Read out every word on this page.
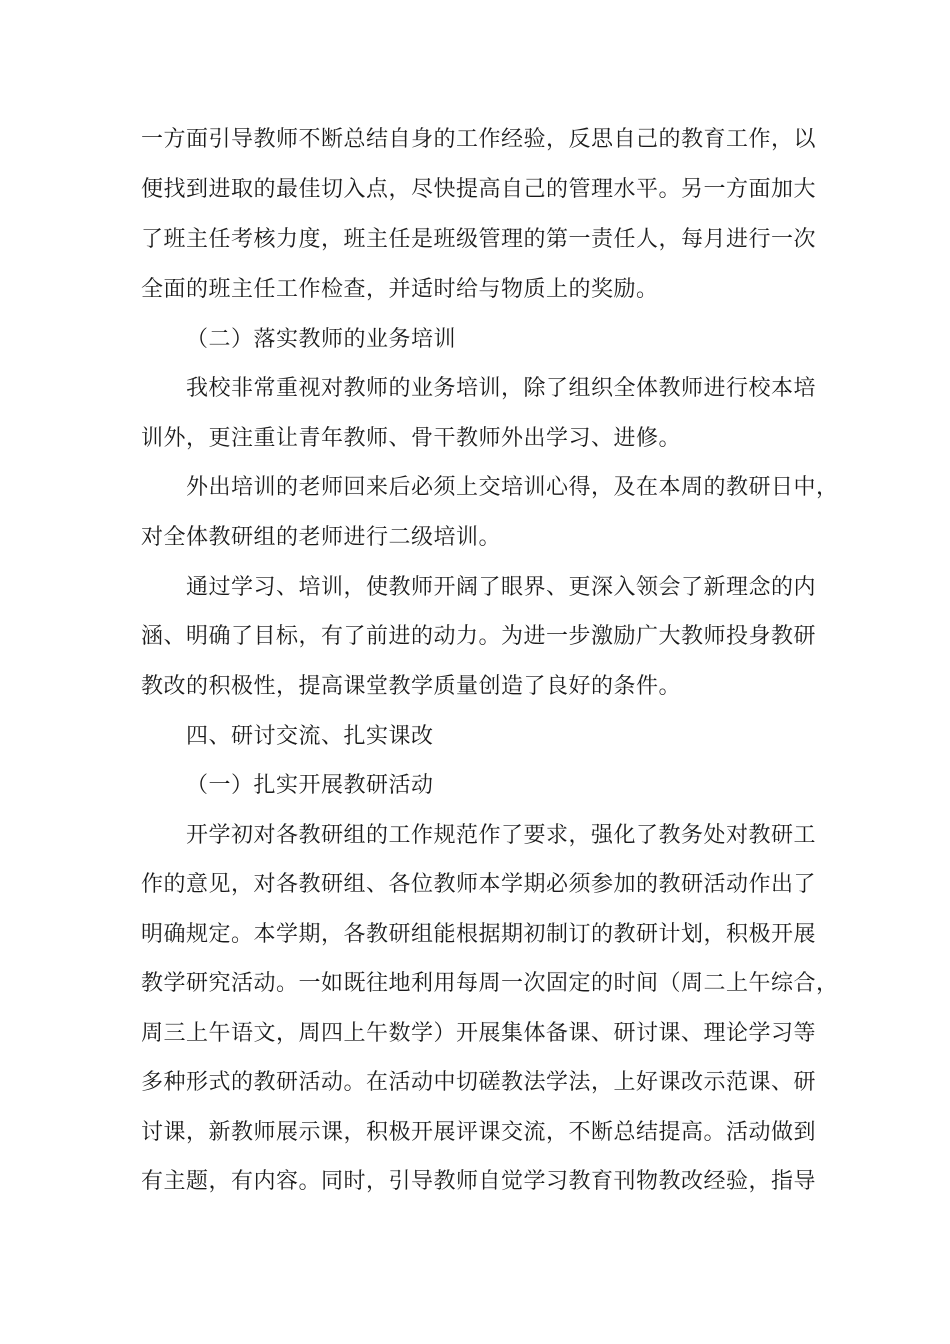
一方面引导教师不断总结自身的工作经验，反思自己的教育工作，以
便找到进取的最佳切入点，尽快提高自己的管理水平。另一方面加大
了班主任考核力度，班主任是班级管理的第一责任人，每月进行一次
全面的班主任工作检查，并适时给与物质上的奖励。
（二）落实教师的业务培训
我校非常重视对教师的业务培训，除了组织全体教师进行校本培
训外，更注重让青年教师、骨干教师外出学习、进修。
外出培训的老师回来后必须上交培训心得，及在本周的教研日中，
对全体教研组的老师进行二级培训。
通过学习、培训，使教师开阔了眼界、更深入领会了新理念的内
涵、明确了目标，有了前进的动力。为进一步激励广大教师投身教研
教改的积极性，提高课堂教学质量创造了良好的条件。
四、研讨交流、扎实课改
（一）扎实开展教研活动
开学初对各教研组的工作规范作了要求，强化了教务处对教研工
作的意见，对各教研组、各位教师本学期必须参加的教研活动作出了
明确规定。本学期，各教研组能根据期初制订的教研计划，积极开展
教学研究活动。一如既往地利用每周一次固定的时间（周二上午综合，
周三上午语文，周四上午数学）开展集体备课、研讨课、理论学习等
多种形式的教研活动。在活动中切磋教法学法，上好课改示范课、研
讨课，新教师展示课，积极开展评课交流，不断总结提高。活动做到
有主题，有内容。同时，引导教师自觉学习教育刊物教改经验，指导
